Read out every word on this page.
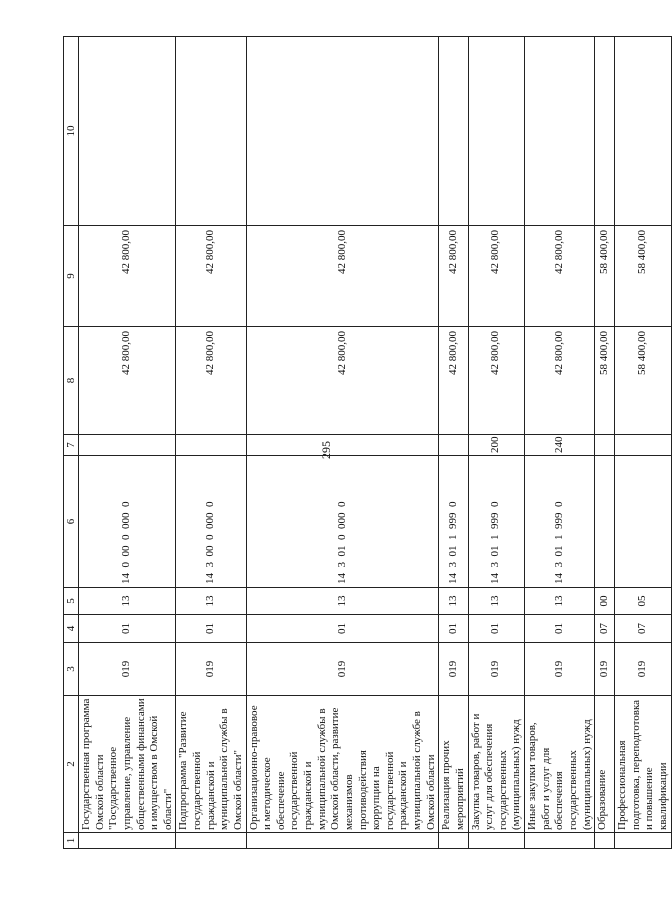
295
1	2	3	4	5	6	7	8	9	10
	Государственная программа Омской области "Государственное управление, управление общественными финансами и имуществом в Омской области"	019	01	13	14  0  00  0  000  0		42 800,00	42 800,00	
	Подпрограмма "Развитие государственной гражданской и муниципальной службы в Омской области"	019	01	13	14  3  00  0  000  0		42 800,00	42 800,00	
	Организационно-правовое и методическое обеспечение государственной гражданской и муниципальной службы в Омской области, развитие механизмов противодействия коррупции на государственной гражданской и муниципальной службе в Омской области	019	01	13	14  3  01  0  000  0		42 800,00	42 800,00	
	Реализация прочих мероприятий	019	01	13	14  3  01  1  999  0		42 800,00	42 800,00	
	Закупка товаров, работ и услуг для обеспечения государственных (муниципальных) нужд	019	01	13	14  3  01  1  999  0	200	42 800,00	42 800,00	
	Иные закупки товаров, работ и услуг для обеспечения государственных (муниципальных) нужд	019	01	13	14  3  01  1  999  0	240	42 800,00	42 800,00	
	Образование	019	07	00			58 400,00	58 400,00	
	Профессиональная подготовка, переподготовка и повышение квалификации	019	07	05			58 400,00	58 400,00	
